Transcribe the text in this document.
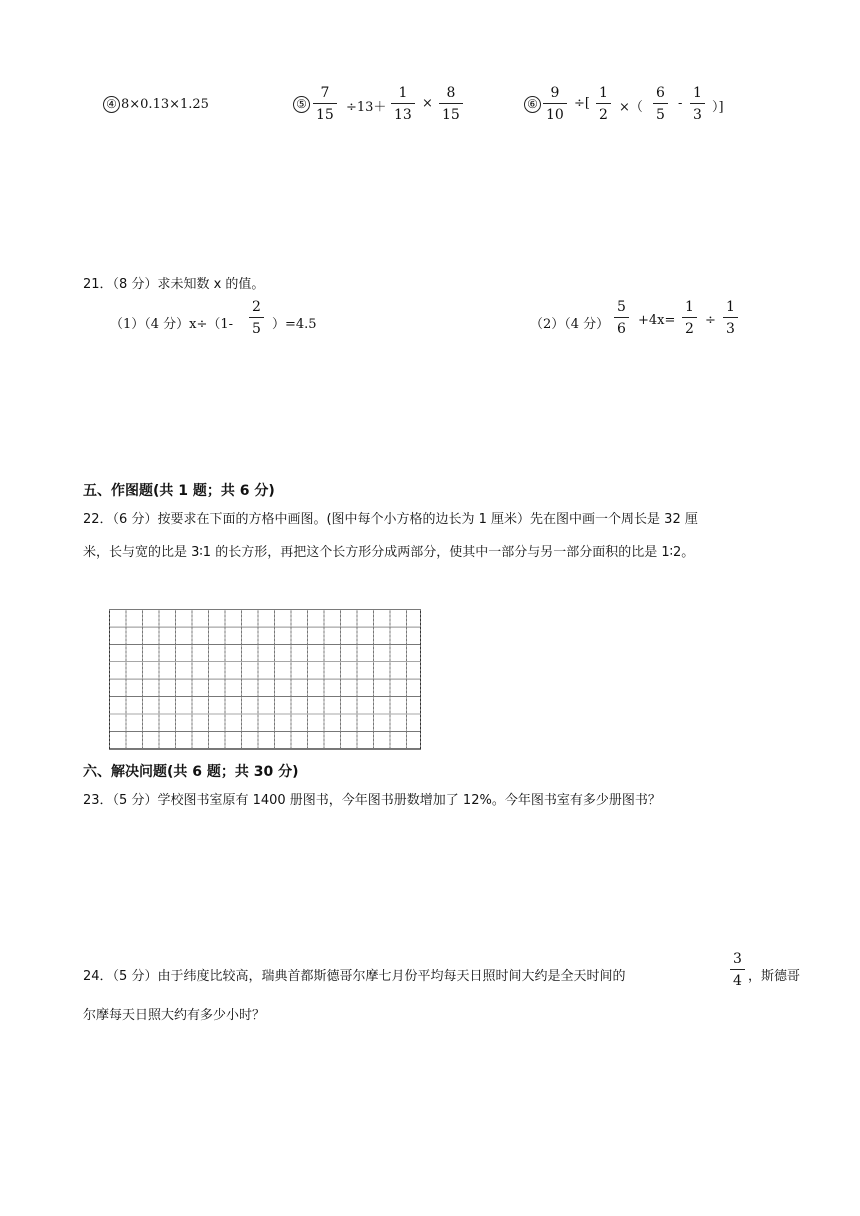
④ 8×0.13×1.25	⑤
7
15 ÷13＋
1
13
×
8
15
⑥
9
10
÷[
1
2 ×（
6
5
-
1
3 ）]
21．（8 分）求未知数 x 的值。
（1）（4 分）x÷（1-
2
5 ）=4.5	（2）（4 分）
5
6
+4x=
1
2
÷
1
3
五、作图题(共 1 题；共 6 分)
22．（6 分）按要求在下面的方格中画图。(图中每个小方格的边长为 1 厘米）先在图中画一个周长是 32 厘
米，长与宽的比是 3∶1 的长方形，再把这个长方形分成两部分，使其中一部分与另一部分面积的比是 1∶2。
六、解决问题(共 6 题；共 30 分)
23．（5 分）学校图书室原有 1400 册图书，今年图书册数增加了 12%。今年图书室有多少册图书？
24．（5 分）由于纬度比较高，瑞典首都斯德哥尔摩七月份平均每天日照时间大约是全天时间的
3
4 ，斯德哥
尔摩每天日照大约有多少小时？
